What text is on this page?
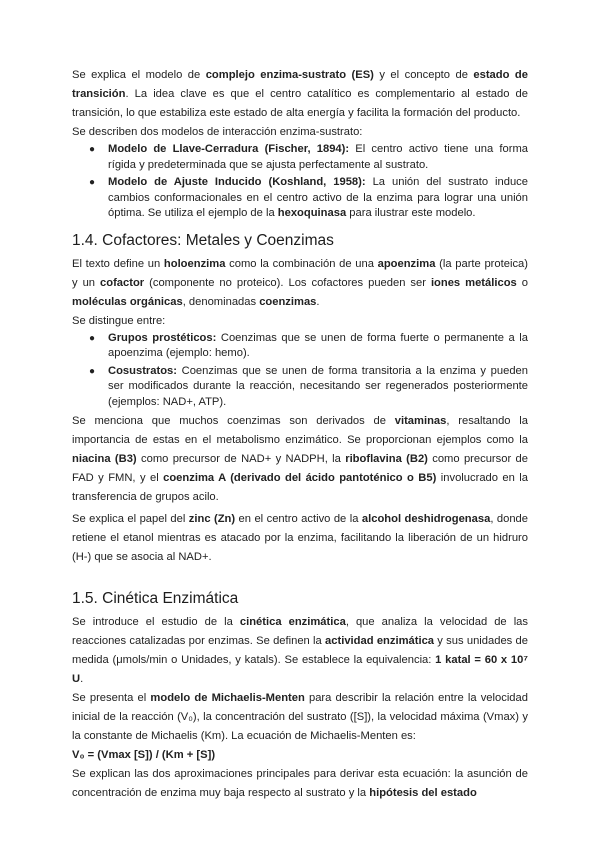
Se explica el modelo de complejo enzima-sustrato (ES) y el concepto de estado de transición. La idea clave es que el centro catalítico es complementario al estado de transición, lo que estabiliza este estado de alta energía y facilita la formación del producto.

Se describen dos modelos de interacción enzima-sustrato:

● Modelo de Llave-Cerradura (Fischer, 1894): El centro activo tiene una forma rígida y predeterminada que se ajusta perfectamente al sustrato.
● Modelo de Ajuste Inducido (Koshland, 1958): La unión del sustrato induce cambios conformacionales en el centro activo de la enzima para lograr una unión óptima. Se utiliza el ejemplo de la hexoquinasa para ilustrar este modelo.
1.4. Cofactores: Metales y Coenzimas

El texto define un holoenzima como la combinación de una apoenzima (la parte proteica) y un cofactor (componente no proteico). Los cofactores pueden ser iones metálicos o moléculas orgánicas, denominadas coenzimas.

Se distingue entre:

● Grupos prostéticos: Coenzimas que se unen de forma fuerte o permanente a la apoenzima (ejemplo: hemo).
● Cosustratos: Coenzimas que se unen de forma transitoria a la enzima y pueden ser modificados durante la reacción, necesitando ser regenerados posteriormente (ejemplos: NAD+, ATP).

Se menciona que muchos coenzimas son derivados de vitaminas, resaltando la importancia de estas en el metabolismo enzimático. Se proporcionan ejemplos como la niacina (B3) como precursor de NAD+ y NADPH, la riboflavina (B2) como precursor de FAD y FMN, y el coenzima A (derivado del ácido pantoténico o B5) involucrado en la transferencia de grupos acilo.

Se explica el papel del zinc (Zn) en el centro activo de la alcohol deshidrogenasa, donde retiene el etanol mientras es atacado por la enzima, facilitando la liberación de un hidruro (H-) que se asocia al NAD+.

1.5. Cinética Enzimática

Se introduce el estudio de la cinética enzimática, que analiza la velocidad de las reacciones catalizadas por enzimas. Se definen la actividad enzimática y sus unidades de medida (μmols/min o Unidades, y katals). Se establece la equivalencia: 1 katal = 60 x 10⁷ U.

Se presenta el modelo de Michaelis-Menten para describir la relación entre la velocidad inicial de la reacción (V₀), la concentración del sustrato ([S]), la velocidad máxima (Vmax) y la constante de Michaelis (Km). La ecuación de Michaelis-Menten es:

V₀ = (Vmax [S]) / (Km + [S])

Se explican las dos aproximaciones principales para derivar esta ecuación: la asunción de concentración de enzima muy baja respecto al sustrato y la hipótesis del estado
